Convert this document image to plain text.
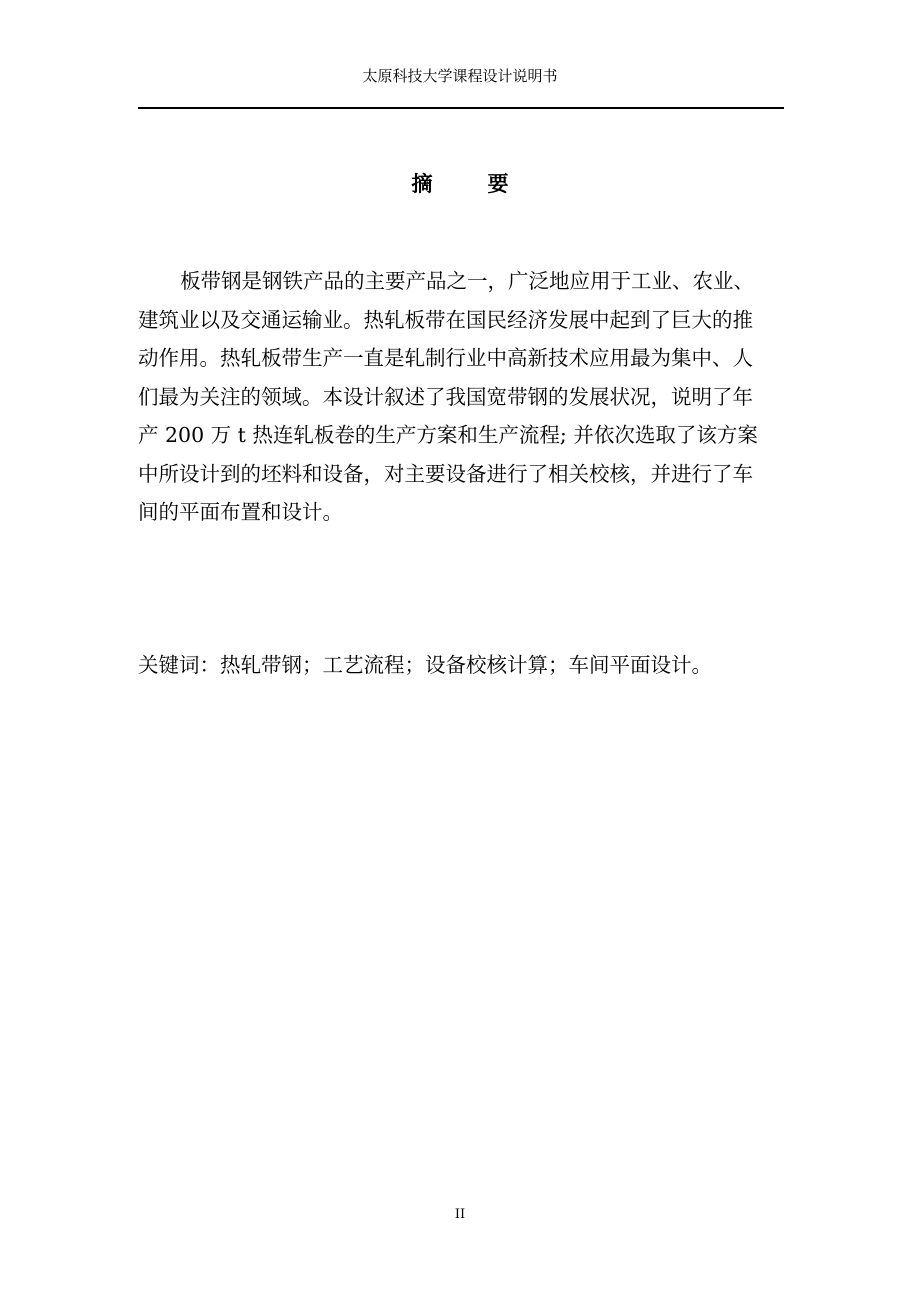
太原科技大学课程设计说明书
摘	要
板带钢是钢铁产品的主要产品之一，广泛地应用于工业、农业、
建筑业以及交通运输业。热轧板带在国民经济发展中起到了巨大的推
动作用。热轧板带生产一直是轧制行业中高新技术应用最为集中、人
们最为关注的领域。本设计叙述了我国宽带钢的发展状况，说明了年
产 200 万 t 热连轧板卷的生产方案和生产流程; 并依次选取了该方案
中所设计到的坯料和设备，对主要设备进行了相关校核，并进行了车
间的平面布置和设计。
关键词：热轧带钢；工艺流程；设备校核计算；车间平面设计。
II
